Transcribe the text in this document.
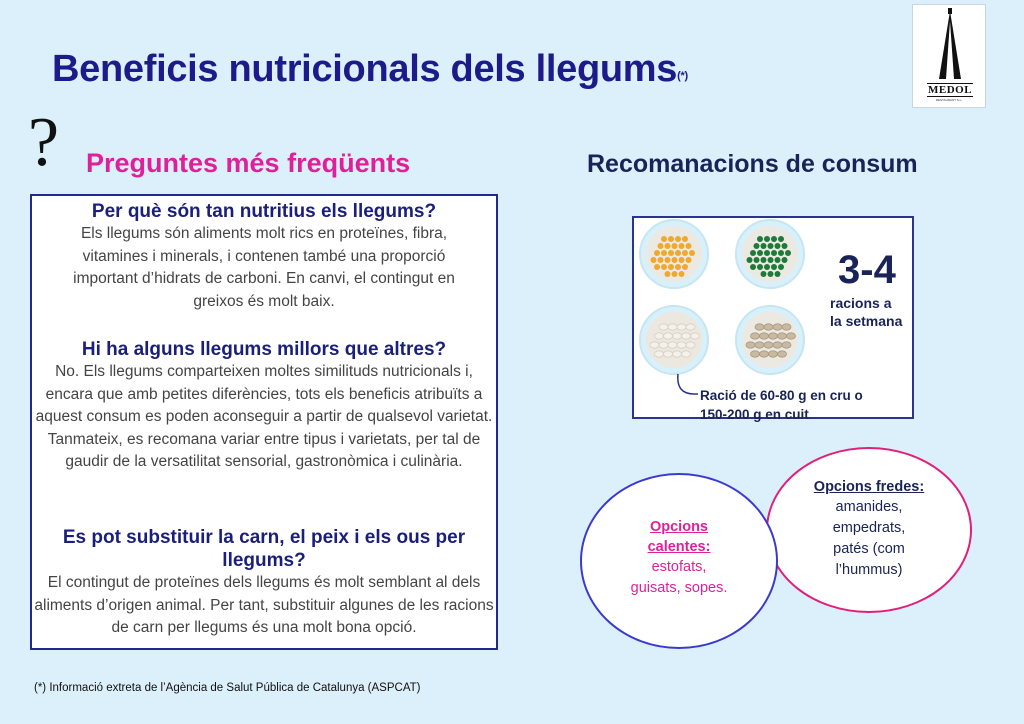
MEDOL
RESTAURANT S.L.
Beneficis nutricionals dels llegums(*)
? Preguntes més freqüents
Per què són tan nutritius els llegums?
Els llegums són aliments molt rics en proteïnes, fibra, vitamines i minerals, i contenen també una proporció important d’hidrats de carboni. En canvi, el contingut en greixos és molt baix.
Hi ha alguns llegums millors que altres?
No. Els llegums comparteixen moltes similituds nutricionals i, encara que amb petites diferències, tots els beneficis atribuïts a aquest consum es poden aconseguir a partir de qualsevol varietat. Tanmateix, es recomana variar entre tipus i varietats, per tal de gaudir de la versatilitat sensorial, gastronòmica i culinària.
Es pot substituir la carn, el peix i els ous per llegums?
El contingut de proteïnes dels llegums és molt semblant al dels aliments d’origen animal. Per tant, substituir algunes de les racions de carn per llegums és una molt bona opció.
Recomanacions de consum
3-4
racions a
la setmana
Ració de 60-80 g en cru o
150-200 g en cuit
Opcions fredes:
amanides,
empedrats,
patés (com
l’hummus)
Opcions
calentes:
estofats,
guisats, sopes.
(*) Informació extreta de l’Agència de Salut Pública de Catalunya (ASPCAT)
